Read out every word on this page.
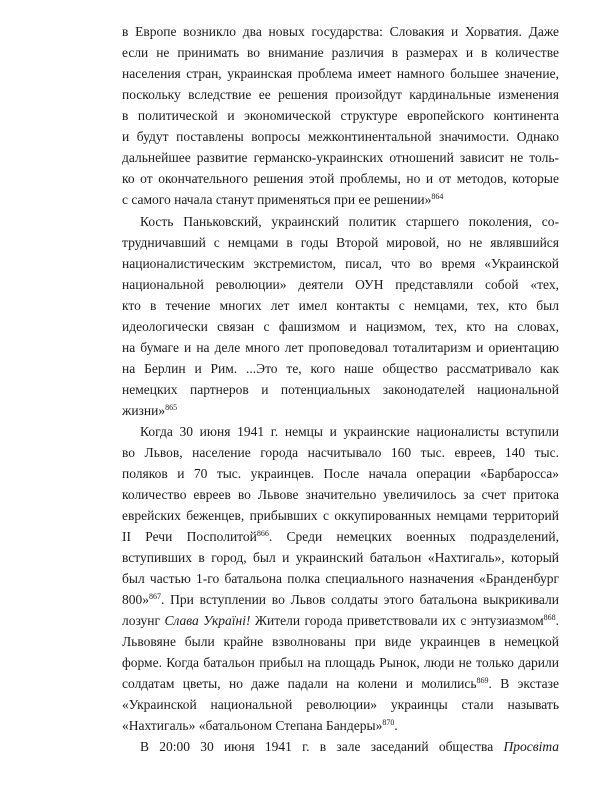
в Европе возникло два новых государства: Словакия и Хорватия. Даже
если не принимать во внимание различия в размерах и в количестве
населения стран, украинская проблема имеет намного большее значение,
поскольку вследствие ее решения произойдут кардинальные изменения
в политической и экономической структуре европейского континента
и будут поставлены вопросы межконтинентальной значимости. Однако
дальнейшее развитие германско-украинских отношений зависит не толь-
ко от окончательного решения этой проблемы, но и от методов, которые
с самого начала станут применяться при ее решении»$^{864}$
Кость Паньковский, украинский политик старшего поколения, со-
трудничавший с немцами в годы Второй мировой, но не являвшийся
националистическим экстремистом, писал, что во время «Украинской
национальной революции» деятели ОУН представляли собой «тех,
кто в течение многих лет имел контакты с немцами, тех, кто был
идеологически связан с фашизмом и нацизмом, тех, кто на словах,
на бумаге и на деле много лет проповедовал тоталитаризм и ориентацию
на Берлин и Рим. ...Это те, кого наше общество рассматривало как
немецких партнеров и потенциальных законодателей национальной
жизни»$^{865}$
Когда 30 июня 1941 г. немцы и украинские националисты вступили
во Львов, население города насчитывало 160 тыс. евреев, 140 тыс.
поляков и 70 тыс. украинцев. После начала операции «Барбаросса»
количество евреев во Львове значительно увеличилось за счет притока
еврейских беженцев, прибывших с оккупированных немцами территорий
II Речи Посполитой$^{866}$. Среди немецких военных подразделений,
вступивших в город, был и украинский батальон «Нахтигаль», который
был частью 1-го батальона полка специального назначения «Бранденбург
800»$^{867}$. При вступлении во Львов солдаты этого батальона выкрикивали
лозунг Слава Україні! Жители города приветствовали их с энтузиазмом$^{868}$.
Львовяне были крайне взволнованы при виде украинцев в немецкой
форме. Когда батальон прибыл на площадь Рынок, люди не только дарили
солдатам цветы, но даже падали на колени и молились$^{869}$. В экстазе
«Украинской национальной революции» украинцы стали называть
«Нахтигаль» «батальоном Степана Бандеры»$^{870}$.
В 20:00 30 июня 1941 г. в зале заседаний общества Просвіта
